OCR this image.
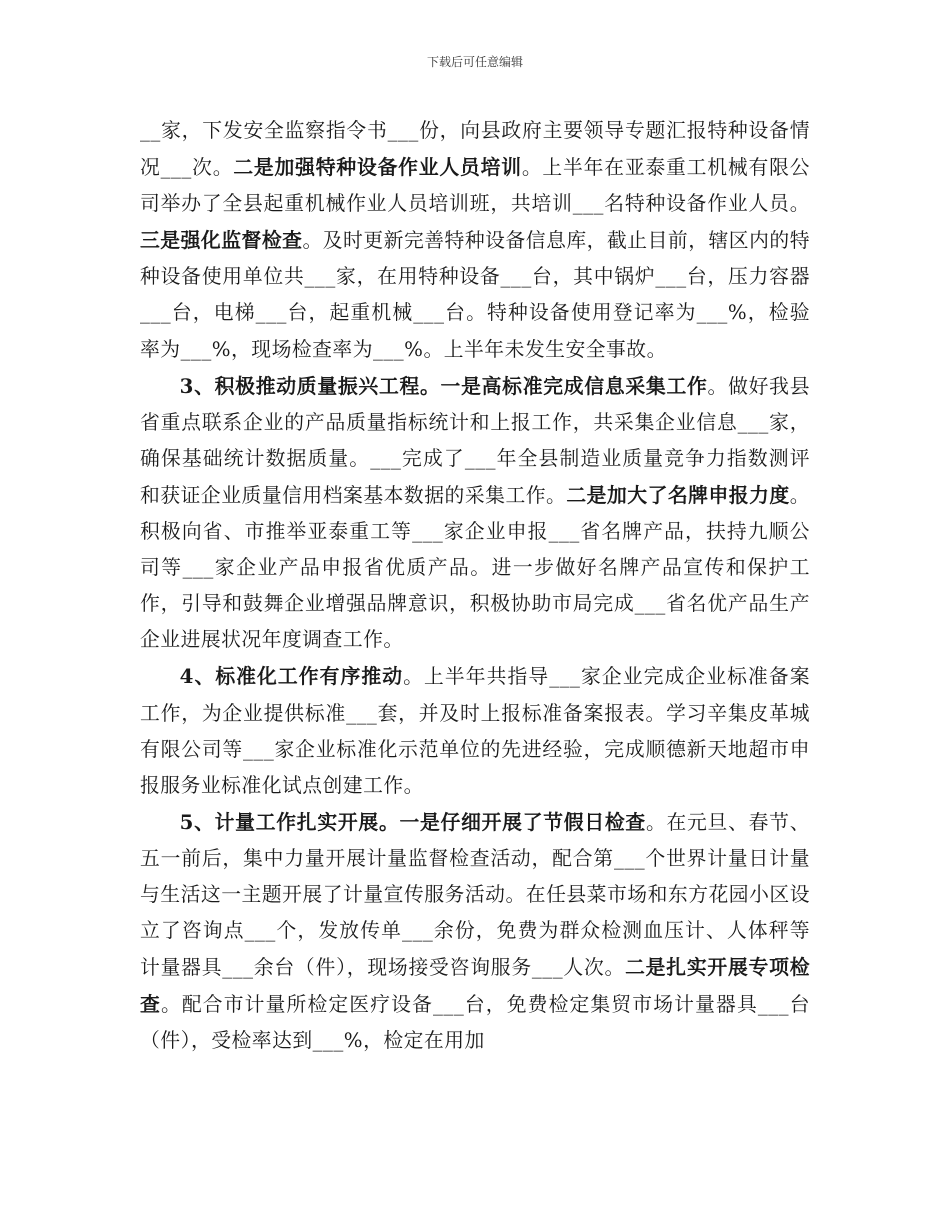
下载后可任意编辑

__家，下发安全监察指令书___份，向县政府主要领导专题汇报特种设备情况___次。二是加强特种设备作业人员培训。上半年在亚泰重工机械有限公司举办了全县起重机械作业人员培训班，共培训___名特种设备作业人员。三是强化监督检查。及时更新完善特种设备信息库，截止目前，辖区内的特种设备使用单位共___家，在用特种设备___台，其中锅炉___台，压力容器___台，电梯___台，起重机械___台。特种设备使用登记率为___%，检验率为___%，现场检查率为___%。上半年未发生安全事故。

3、积极推动质量振兴工程。一是高标准完成信息采集工作。做好我县省重点联系企业的产品质量指标统计和上报工作，共采集企业信息___家，确保基础统计数据质量。___完成了___年全县制造业质量竞争力指数测评和获证企业质量信用档案基本数据的采集工作。二是加大了名牌申报力度。积极向省、市推举亚泰重工等___家企业申报___省名牌产品，扶持九顺公司等___家企业产品申报省优质产品。进一步做好名牌产品宣传和保护工作，引导和鼓舞企业增强品牌意识，积极协助市局完成___省名优产品生产企业进展状况年度调查工作。

4、标准化工作有序推动。上半年共指导___家企业完成企业标准备案工作，为企业提供标准___套，并及时上报标准备案报表。学习辛集皮革城有限公司等___家企业标准化示范单位的先进经验，完成顺德新天地超市申报服务业标准化试点创建工作。

5、计量工作扎实开展。一是仔细开展了节假日检查。在元旦、春节、五一前后，集中力量开展计量监督检查活动，配合第___个世界计量日计量与生活这一主题开展了计量宣传服务活动。在任县菜市场和东方花园小区设立了咨询点___个，发放传单___余份，免费为群众检测血压计、人体秤等计量器具___余台（件），现场接受咨询服务___人次。二是扎实开展专项检查。配合市计量所检定医疗设备___台，免费检定集贸市场计量器具___台（件），受检率达到___%，检定在用加
